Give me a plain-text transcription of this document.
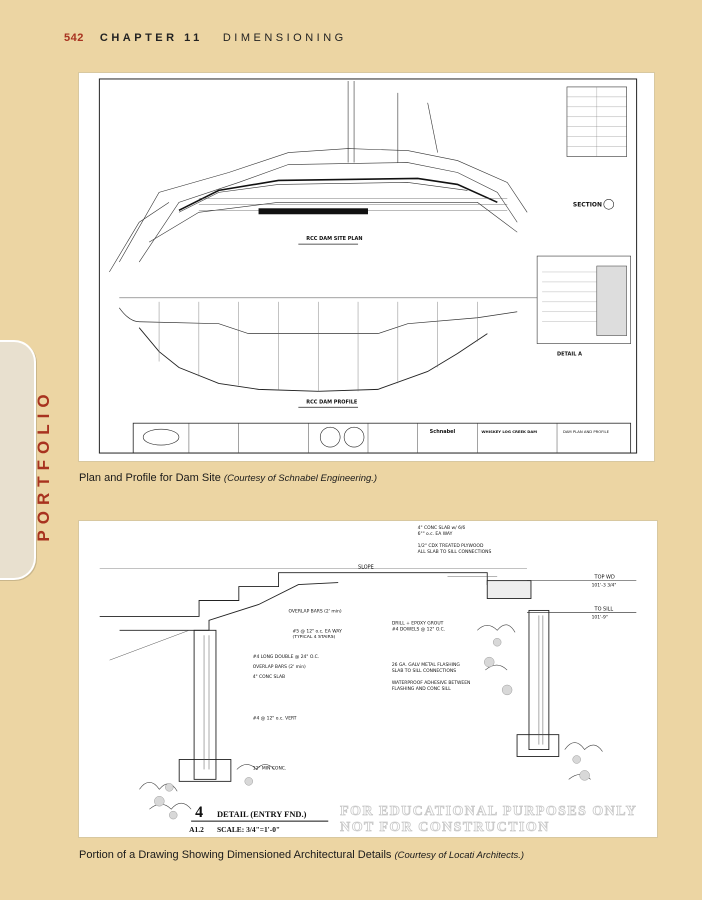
542 CHAPTER 11 DIMENSIONING
PORTFOLIO
RCC DAM SITE PLAN
RCC DAM PROFILE
SECTION
DETAIL A
Schnabel	WHISKEY LOG CREEK DAM	DAM PLAN AND PROFILE
Plan and Profile for Dam Site (Courtesy of Schnabel Engineering.)
4" CONC SLAB w/ 6/6
6"" o.c. EA WAY
1/2" CDX TREATED PLYWOOD
ALL SLAB TO SILL CONNECTIONS
SLOPE
TOP WD
101'-3 3/4"
TO SILL
101'-9"
OVERLAP BARS (2' min)
#5 @ 12" o.c. EA WAY
(TYPICAL 4 STAIRS)
DRILL + EPOXY GROUT
#4 DOWELS @ 12" O.C.
#4 LONG DOUBLE @ 24" O.C.
OVERLAP BARS (2' min)
4" CONC SLAB
#4 @ 12" o.c. VERT
12" MIN CONC.
26 GA. GALV METAL FLASHING
SLAB TO SILL CONNECTIONS
WATERPROOF ADHESIVE BETWEEN
FLASHING AND CONC SILL
4 DETAIL (ENTRY FND.)
A1.2 SCALE: 3/4"=1'-0"
FOR EDUCATIONAL PURPOSES ONLY
NOT FOR CONSTRUCTION
Portion of a Drawing Showing Dimensioned Architectural Details (Courtesy of Locati Architects.)
